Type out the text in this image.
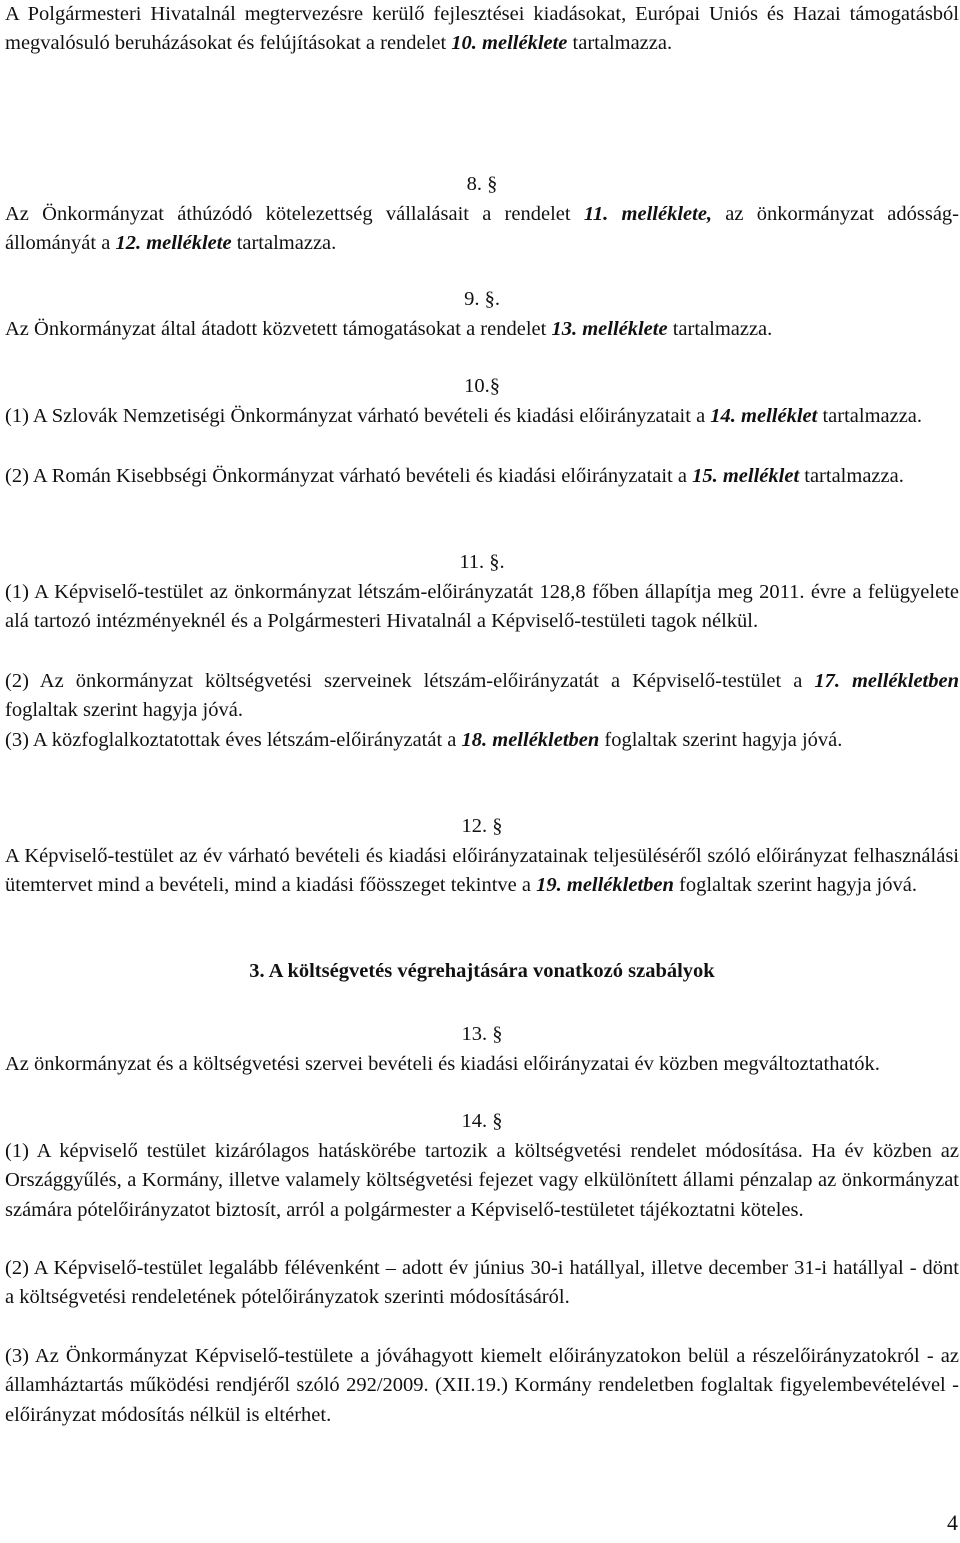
A Polgármesteri Hivatalnál megtervezésre kerülő fejlesztései kiadásokat, Európai Uniós és Hazai támogatásból megvalósuló beruházásokat és felújításokat a rendelet 10. melléklete tartalmazza.

8. §

Az Önkormányzat áthúzódó kötelezettség vállalásait a rendelet 11. melléklete, az önkormányzat adósság-állományát a 12. melléklete tartalmazza.

9. §.

Az Önkormányzat által átadott közvetett támogatásokat a rendelet 13. melléklete tartalmazza.

10.§

(1) A Szlovák Nemzetiségi Önkormányzat várható bevételi és kiadási előirányzatait a 14. melléklet tartalmazza.

(2) A Román Kisebbségi Önkormányzat várható bevételi és kiadási előirányzatait a 15. melléklet tartalmazza.

11. §.

(1) A Képviselő-testület az önkormányzat létszám-előirányzatát 128,8 főben állapítja meg 2011. évre a felügyelete alá tartozó intézményeknél és a Polgármesteri Hivatalnál a Képviselő-testületi tagok nélkül.

(2) Az önkormányzat költségvetési szerveinek létszám-előirányzatát a Képviselő-testület a 17. mellékletben foglaltak szerint hagyja jóvá.

(3) A közfoglalkoztatottak éves létszám-előirányzatát a 18. mellékletben foglaltak szerint hagyja jóvá.

12. §

A Képviselő-testület az év várható bevételi és kiadási előirányzatainak teljesüléséről szóló előirányzat felhasználási ütemtervet mind a bevételi, mind a kiadási főösszeget tekintve a 19. mellékletben foglaltak szerint hagyja jóvá.

3. A költségvetés végrehajtására vonatkozó szabályok
13. §

Az önkormányzat és a költségvetési szervei bevételi és kiadási előirányzatai év közben megváltoztathatók.

14. §

(1) A képviselő testület kizárólagos hatáskörébe tartozik a költségvetési rendelet módosítása. Ha év közben az Országgyűlés, a Kormány, illetve valamely költségvetési fejezet vagy elkülönített állami pénzalap az önkormányzat számára pótelőirányzatot biztosít, arról a polgármester a Képviselő-testületet tájékoztatni köteles.

(2) A Képviselő-testület legalább félévenként – adott év június 30-i hatállyal, illetve december 31-i hatállyal - dönt a költségvetési rendeletének pótelőirányzatok szerinti módosításáról.

(3) Az Önkormányzat Képviselő-testülete a jóváhagyott kiemelt előirányzatokon belül a részelőirányzatokról - az államháztartás működési rendjéről szóló 292/2009. (XII.19.) Kormány rendeletben foglaltak figyelembevételével - előirányzat módosítás nélkül is eltérhet.

4
